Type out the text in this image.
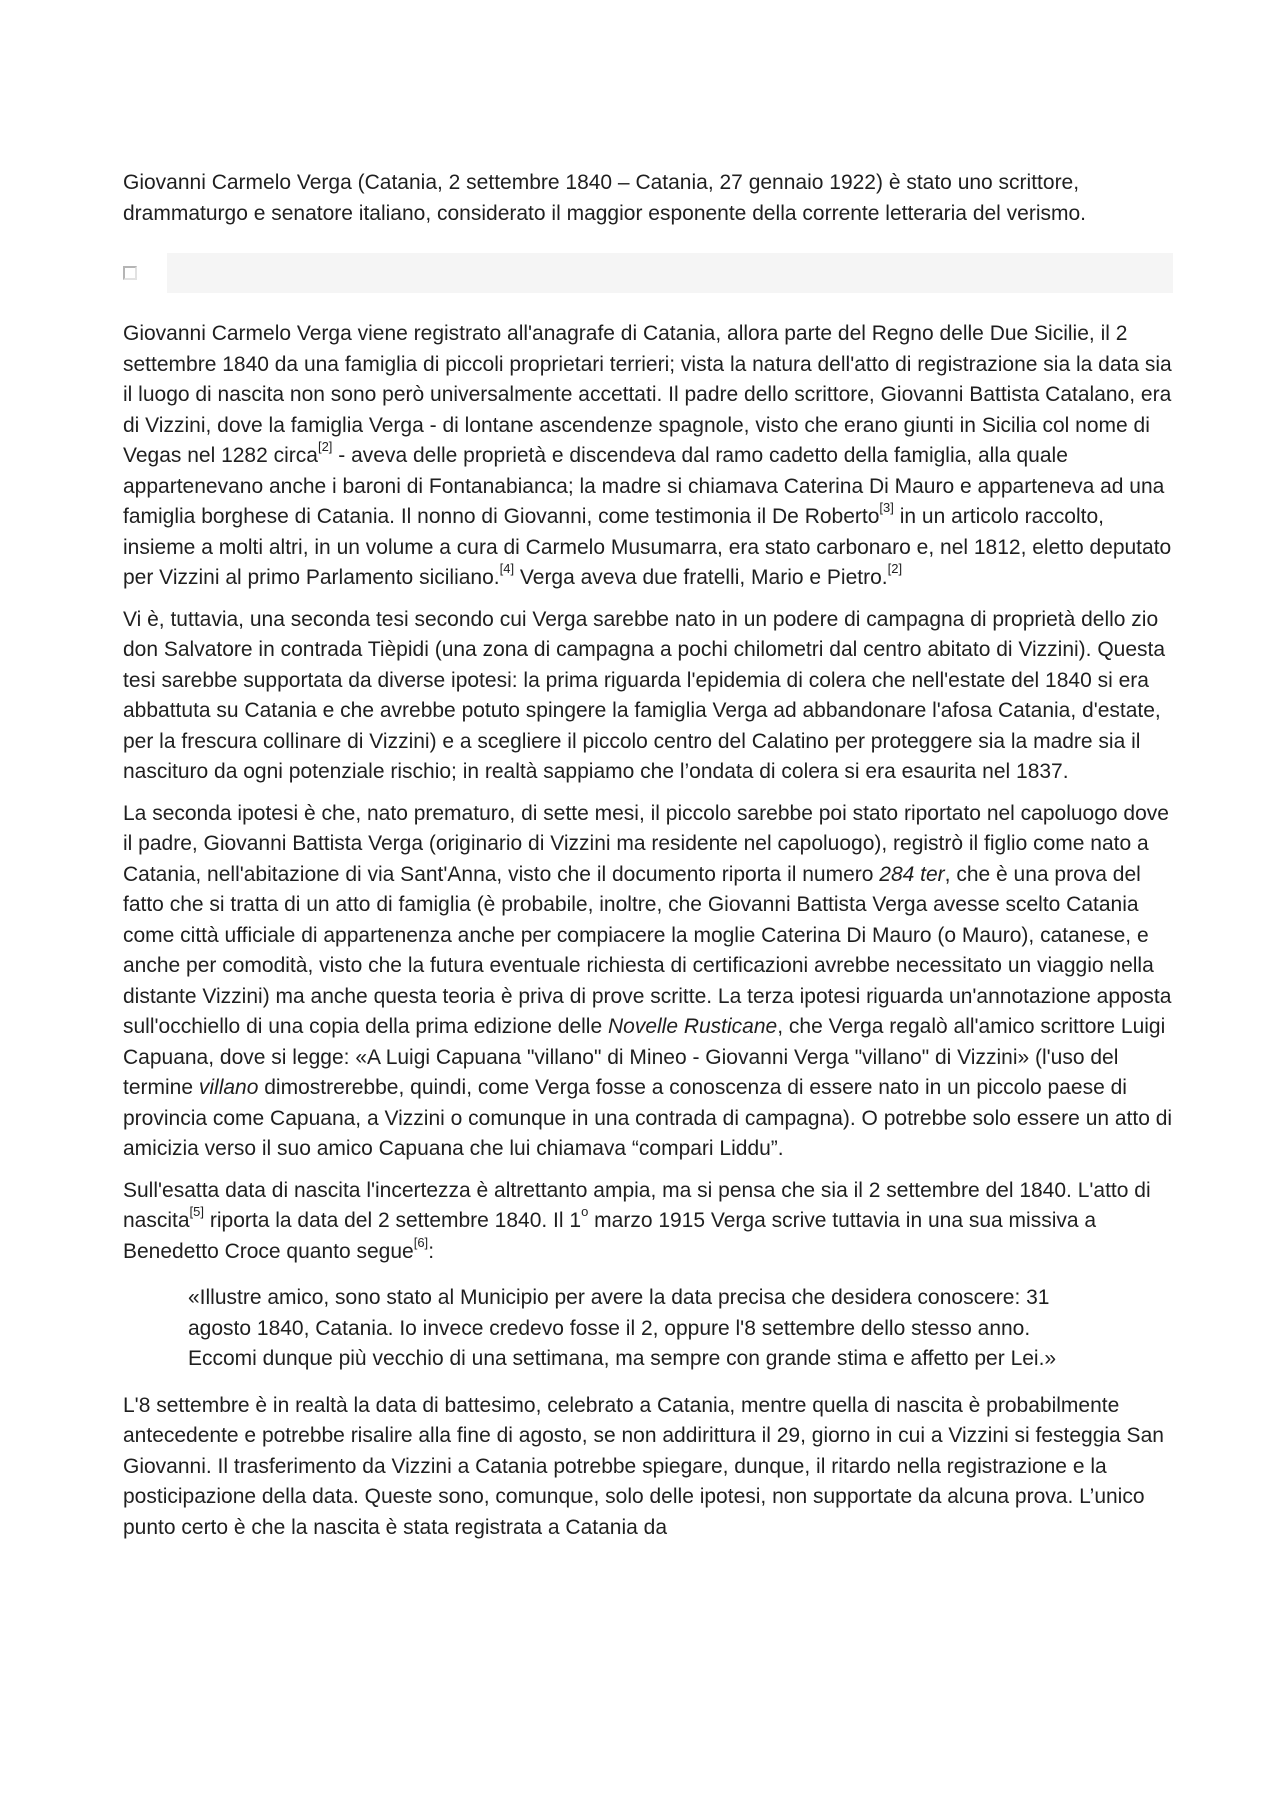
Giovanni Carmelo Verga (Catania, 2 settembre 1840 – Catania, 27 gennaio 1922) è stato uno scrittore, drammaturgo e senatore italiano, considerato il maggior esponente della corrente letteraria del verismo.

Giovanni Carmelo Verga viene registrato all'anagrafe di Catania, allora parte del Regno delle Due Sicilie, il 2 settembre 1840 da una famiglia di piccoli proprietari terrieri; vista la natura dell'atto di registrazione sia la data sia il luogo di nascita non sono però universalmente accettati. Il padre dello scrittore, Giovanni Battista Catalano, era di Vizzini, dove la famiglia Verga - di lontane ascendenze spagnole, visto che erano giunti in Sicilia col nome di Vegas nel 1282 circa[2] - aveva delle proprietà e discendeva dal ramo cadetto della famiglia, alla quale appartenevano anche i baroni di Fontanabianca; la madre si chiamava Caterina Di Mauro e apparteneva ad una famiglia borghese di Catania. Il nonno di Giovanni, come testimonia il De Roberto[3] in un articolo raccolto, insieme a molti altri, in un volume a cura di Carmelo Musumarra, era stato carbonaro e, nel 1812, eletto deputato per Vizzini al primo Parlamento siciliano.[4] Verga aveva due fratelli, Mario e Pietro.[2]

Vi è, tuttavia, una seconda tesi secondo cui Verga sarebbe nato in un podere di campagna di proprietà dello zio don Salvatore in contrada Tièpidi (una zona di campagna a pochi chilometri dal centro abitato di Vizzini). Questa tesi sarebbe supportata da diverse ipotesi: la prima riguarda l'epidemia di colera che nell'estate del 1840 si era abbattuta su Catania e che avrebbe potuto spingere la famiglia Verga ad abbandonare l'afosa Catania, d'estate, per la frescura collinare di Vizzini) e a scegliere il piccolo centro del Calatino per proteggere sia la madre sia il nascituro da ogni potenziale rischio; in realtà sappiamo che l’ondata di colera si era esaurita nel 1837.

La seconda ipotesi è che, nato prematuro, di sette mesi, il piccolo sarebbe poi stato riportato nel capoluogo dove il padre, Giovanni Battista Verga (originario di Vizzini ma residente nel capoluogo), registrò il figlio come nato a Catania, nell'abitazione di via Sant'Anna, visto che il documento riporta il numero 284 ter, che è una prova del fatto che si tratta di un atto di famiglia (è probabile, inoltre, che Giovanni Battista Verga avesse scelto Catania come città ufficiale di appartenenza anche per compiacere la moglie Caterina Di Mauro (o Mauro), catanese, e anche per comodità, visto che la futura eventuale richiesta di certificazioni avrebbe necessitato un viaggio nella distante Vizzini) ma anche questa teoria è priva di prove scritte. La terza ipotesi riguarda un'annotazione apposta sull'occhiello di una copia della prima edizione delle Novelle Rusticane, che Verga regalò all'amico scrittore Luigi Capuana, dove si legge: «A Luigi Capuana "villano" di Mineo - Giovanni Verga "villano" di Vizzini» (l'uso del termine villano dimostrerebbe, quindi, come Verga fosse a conoscenza di essere nato in un piccolo paese di provincia come Capuana, a Vizzini o comunque in una contrada di campagna). O potrebbe solo essere un atto di amicizia verso il suo amico Capuana che lui chiamava “compari Liddu”.

Sull'esatta data di nascita l'incertezza è altrettanto ampia, ma si pensa che sia il 2 settembre del 1840. L'atto di nascita[5] riporta la data del 2 settembre 1840. Il 1$^o$ marzo 1915 Verga scrive tuttavia in una sua missiva a Benedetto Croce quanto segue[6]:

«Illustre amico, sono stato al Municipio per avere la data precisa che desidera conoscere: 31 agosto 1840, Catania. Io invece credevo fosse il 2, oppure l'8 settembre dello stesso anno. Eccomi dunque più vecchio di una settimana, ma sempre con grande stima e affetto per Lei.»

L'8 settembre è in realtà la data di battesimo, celebrato a Catania, mentre quella di nascita è probabilmente antecedente e potrebbe risalire alla fine di agosto, se non addirittura il 29, giorno in cui a Vizzini si festeggia San Giovanni. Il trasferimento da Vizzini a Catania potrebbe spiegare, dunque, il ritardo nella registrazione e la posticipazione della data. Queste sono, comunque, solo delle ipotesi, non supportate da alcuna prova. L’unico punto certo è che la nascita è stata registrata a Catania da
